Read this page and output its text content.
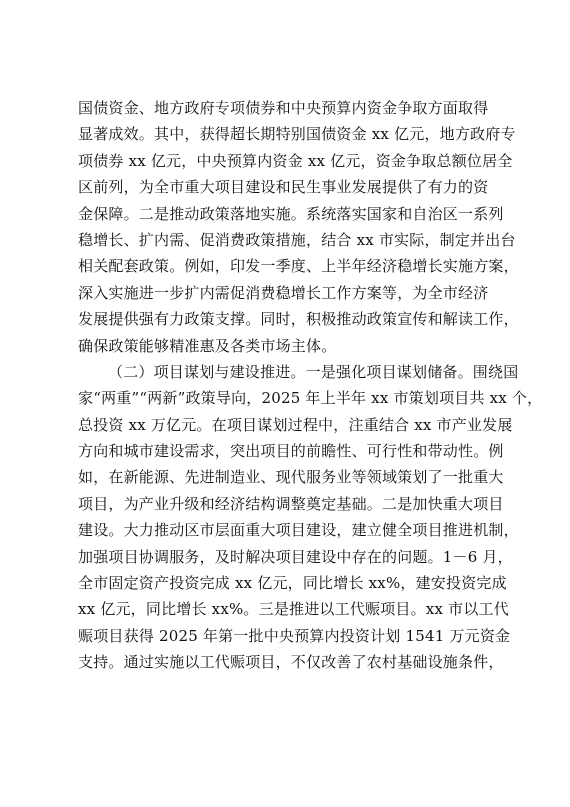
国债资金、地方政府专项债券和中央预算内资金争取方面取得
显著成效。其中，获得超长期特别国债资金 xx 亿元，地方政府专
项债券 xx 亿元，中央预算内资金 xx 亿元，资金争取总额位居全
区前列，为全市重大项目建设和民生事业发展提供了有力的资
金保障。二是推动政策落地实施。系统落实国家和自治区一系列
稳增长、扩内需、促消费政策措施，结合 xx 市实际，制定并出台
相关配套政策。例如，印发一季度、上半年经济稳增长实施方案，
深入实施进一步扩内需促消费稳增长工作方案等，为全市经济
发展提供强有力政策支撑。同时，积极推动政策宣传和解读工作，
确保政策能够精准惠及各类市场主体。
（二）项目谋划与建设推进。一是强化项目谋划储备。围绕国
家“两重”“两新”政策导向，2025 年上半年 xx 市策划项目共 xx 个，
总投资 xx 万亿元。在项目谋划过程中，注重结合 xx 市产业发展
方向和城市建设需求，突出项目的前瞻性、可行性和带动性。例
如，在新能源、先进制造业、现代服务业等领域策划了一批重大
项目，为产业升级和经济结构调整奠定基础。二是加快重大项目
建设。大力推动区市层面重大项目建设，建立健全项目推进机制，
加强项目协调服务，及时解决项目建设中存在的问题。1－6 月，
全市固定资产投资完成 xx 亿元，同比增长 xx%，建安投资完成
xx 亿元，同比增长 xx%。三是推进以工代赈项目。xx 市以工代
赈项目获得 2025 年第一批中央预算内投资计划 1541 万元资金
支持。通过实施以工代赈项目，不仅改善了农村基础设施条件，
